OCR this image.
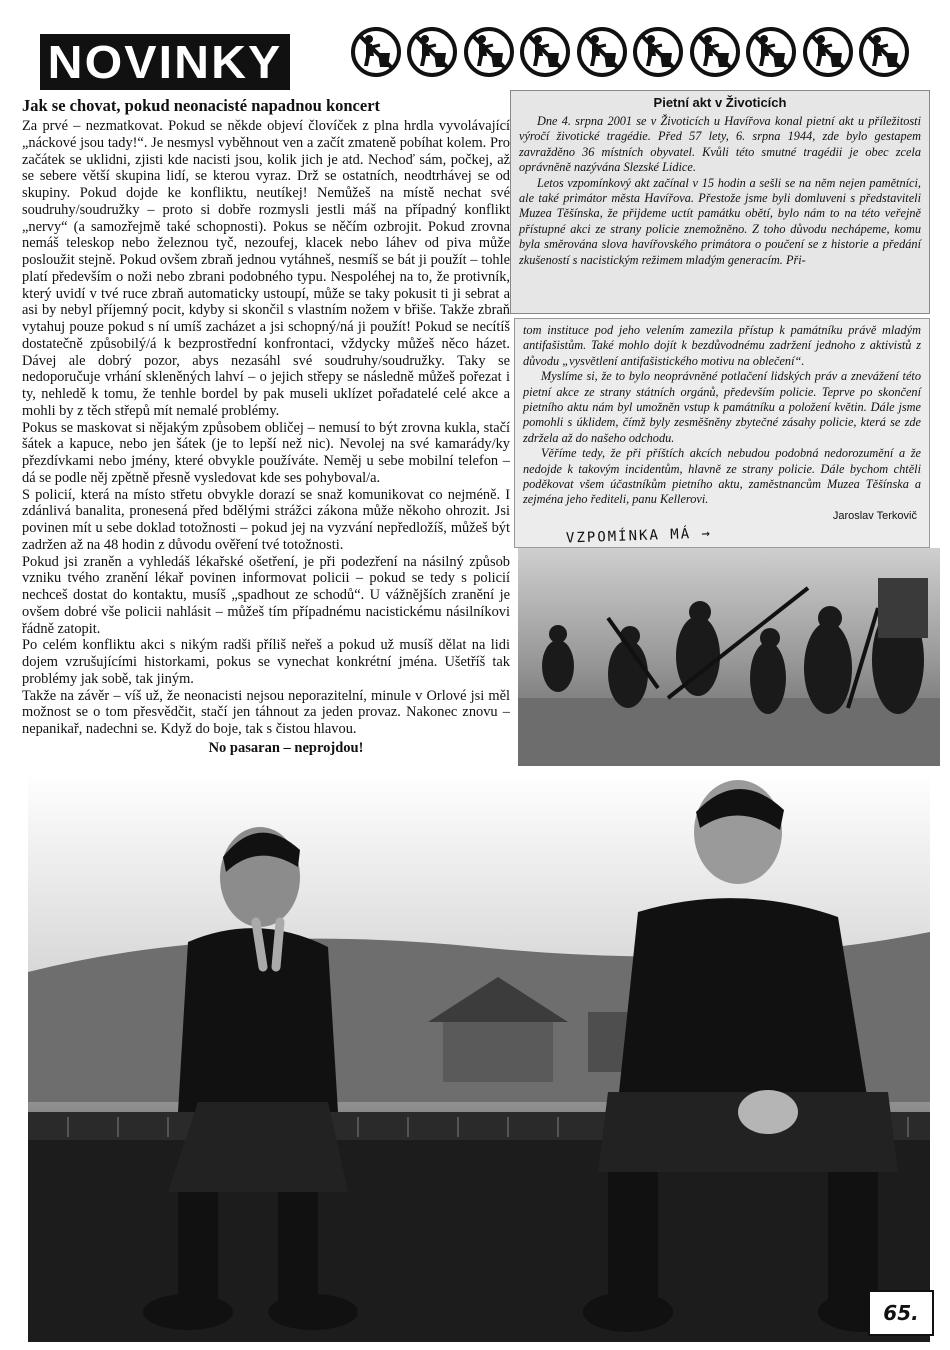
NOVINKY
Jak se chovat, pokud neonacisté napadnou koncert

Za prvé – nezmatkovat. Pokud se někde objeví človíček z plna hrdla vyvolávající „náckové jsou tady!“. Je nesmysl vyběhnout ven a začít zmateně pobíhat kolem. Pro začátek se uklidni, zjisti kde nacisti jsou, kolik jich je atd. Nechoď sám, počkej, až se sebere větší skupina lidí, se kterou vyraz. Drž se ostatních, neodtrhávej se od skupiny. Pokud dojde ke konfliktu, neutíkej! Nemůžeš na místě nechat své soudruhy/soudružky – proto si dobře rozmysli jestli máš na případný konflikt „nervy“ (a samozřejmě také schopnosti). Pokus se něčím ozbrojit. Pokud zrovna nemáš teleskop nebo železnou tyč, nezoufej, klacek nebo láhev od piva může posloužit stejně. Pokud ovšem zbraň jednou vytáhneš, nesmíš se bát ji použít – tohle platí především o noži nebo zbrani podobného typu. Nespoléhej na to, že protivník, který uvidí v tvé ruce zbraň automaticky ustoupí, může se taky pokusit ti ji sebrat a asi by nebyl příjemný pocit, kdyby si skončil s vlastním nožem v břiše. Takže zbraň vytahuj pouze pokud s ní umíš zacházet a jsi schopný/ná ji použít! Pokud se necítíš dostatečně způsobilý/á k bezprostřední konfrontaci, vždycky můžeš něco házet. Dávej ale dobrý pozor, abys nezasáhl své soudruhy/soudružky. Taky se nedoporučuje vrhání skleněných lahví – o jejich střepy se následně můžeš pořezat i ty, nehledě k tomu, že tenhle bordel by pak museli uklízet pořadatelé celé akce a mohli by z těch střepů mít nemalé problémy.

Pokus se maskovat si nějakým způsobem obličej – nemusí to být zrovna kukla, stačí šátek a kapuce, nebo jen šátek (je to lepší než nic). Nevolej na své kamarády/ky přezdívkami nebo jmény, které obvykle používáte. Neměj u sebe mobilní telefon – dá se podle něj zpětně přesně vysledovat kde ses pohyboval/a.

S policií, která na místo střetu obvykle dorazí se snaž komunikovat co nejméně. I zdánlivá banalita, pronesená před bdělými strážci zákona může někoho ohrozit. Jsi povinen mít u sebe doklad totožnosti – pokud jej na vyzvání nepředložíš, můžeš být zadržen až na 48 hodin z důvodu ověření tvé totožnosti.

Pokud jsi zraněn a vyhledáš lékařské ošetření, je při podezření na násilný způsob vzniku tvého zranění lékař povinen informovat policii – pokud se tedy s policií nechceš dostat do kontaktu, musíš „spadhout ze schodů“. U vážnějších zranění je ovšem dobré vše policii nahlásit – můžeš tím případnému nacistickému násilníkovi řádně zatopit.

Po celém konfliktu akci s nikým radši příliš neřeš a pokud už musíš dělat na lidi dojem vzrušujícími historkami, pokus se vynechat konkrétní jména. Ušetříš tak problémy jak sobě, tak jiným.

Takže na závěr – víš už, že neonacisti nejsou neporazitelní, minule v Orlové jsi měl možnost se o tom přesvědčit, stačí jen táhnout za jeden provaz. Nakonec znovu – nepanikař, nadechni se. Když do boje, tak s čistou hlavou.

No pasaran – neprojdou!

Pietní akt v Životicích

Dne 4. srpna 2001 se v Životicích u Havířova konal pietní akt u příležitosti výročí životické tragédie. Před 57 lety, 6. srpna 1944, zde bylo gestapem zavražděno 36 místních obyvatel. Kvůli této smutné tragédii je obec zcela oprávněně nazývána Slezské Lidice.

Letos vzpomínkový akt začínal v 15 hodin a sešli se na něm nejen pamětníci, ale také primátor města Havířova. Přestože jsme byli domluveni s představiteli Muzea Těšínska, že přijdeme uctít památku obětí, bylo nám to na této veřejně přístupné akci ze strany policie znemožněno. Z toho důvodu nechápeme, komu byla směrována slova havířovského primátora o poučení se z historie a předání zkušeností s nacistickým režimem mladým generacím. Při-

tom instituce pod jeho velením zamezila přístup k památníku právě mladým antifašistům. Také mohlo dojít k bezdůvodnému zadržení jednoho z aktivistů z důvodu „vysvětlení antifašistického motivu na oblečení“.

Myslíme si, že to bylo neoprávněné potlačení lidských práv a znevážení této pietní akce ze strany státních orgánů, především policie. Teprve po skončení pietního aktu nám byl umožněn vstup k památníku a položení květin. Dále jsme pomohli s úklidem, čímž byly zesměšněny zbytečné zásahy policie, která se zde zdržela až do našeho odchodu.

Věříme tedy, že při příštích akcích nebudou podobná nedorozumění a že nedojde k takovým incidentům, hlavně ze strany policie. Dále bychom chtěli poděkovat všem účastníkům pietního aktu, zaměstnancům Muzea Těšínska a zejména jeho řediteli, panu Kellerovi.

Jaroslav Terkovič
VZPOMÍNKA MÁ →
65.
